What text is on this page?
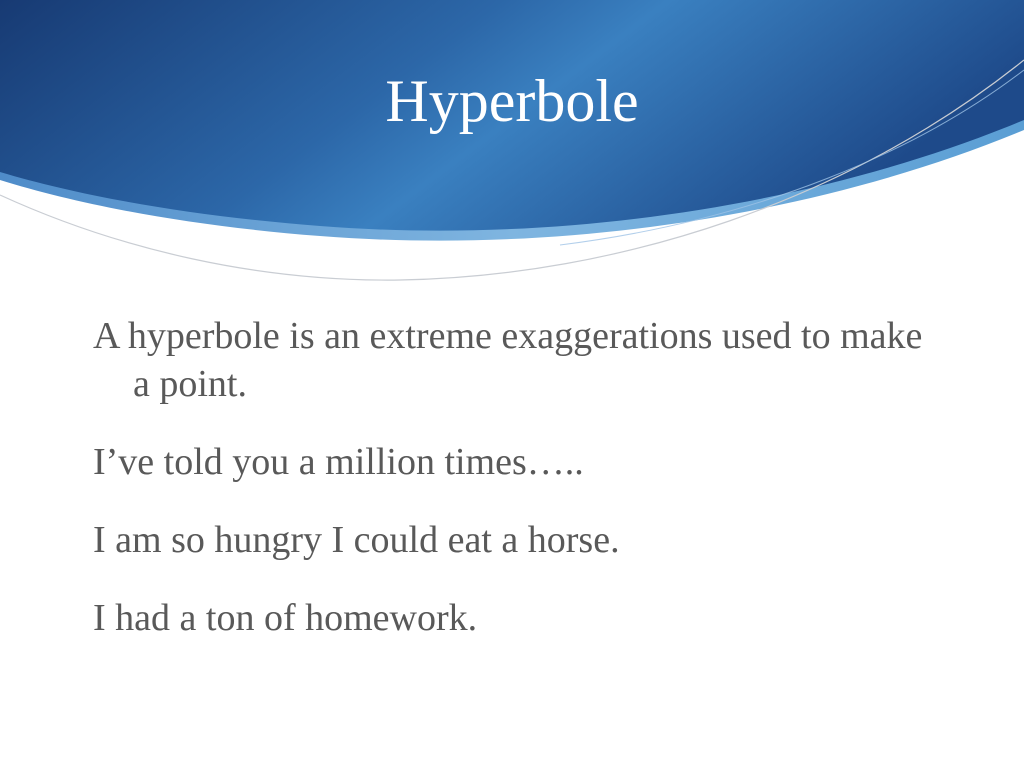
Hyperbole
A hyperbole is an extreme exaggerations used to make a point.
I’ve told you a million times…..
I am so hungry I could eat a horse.
I had a ton of homework.
